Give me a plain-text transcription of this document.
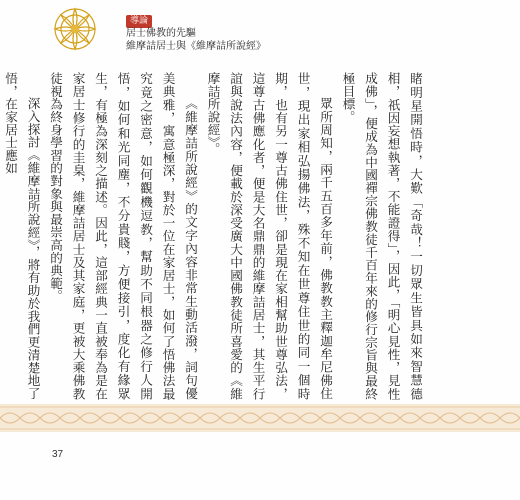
導論
居士佛教的先驅
維摩詰居士與《維摩詰所說經》

睹明星開悟時，大歎「奇哉！一切眾生皆具如來智慧德相，祇因妄想執著，不能證得」，因此，「明心見性，見性成佛」，便成為中國禪宗佛教徒千百年來的修行宗旨與最終極目標。

眾所周知，兩千五百多年前，佛教教主釋迦牟尼佛住世，現出家相弘揚佛法，殊不知在世尊住世的同一個時期，也有另一尊古佛住世，卻是現在家相幫助世尊弘法，這尊古佛應化者，便是大名鼎鼎的維摩詰居士，其生平行誼與說法內容，便載於深受廣大中國佛教徒所喜愛的《維摩詰所說經》。

《維摩詰所說經》的文字內容非常生動活潑，詞句優美典雅，寓意極深，對於一位在家居士，如何了悟佛法最究竟之密意，如何觀機逗教，幫助不同根器之修行人開悟，如何和光同塵，不分貴賤，方便接引，度化有緣眾生，有極為深刻之描述。因此，這部經典一直被奉為是在家居士修行的圭臬，維摩詰居士及其家庭，更被大乘佛教徒視為終身學習的對象與最崇高的典範。

深入探討《維摩詰所說經》，將有助於我們更清楚地了悟，在家居士應如

37
